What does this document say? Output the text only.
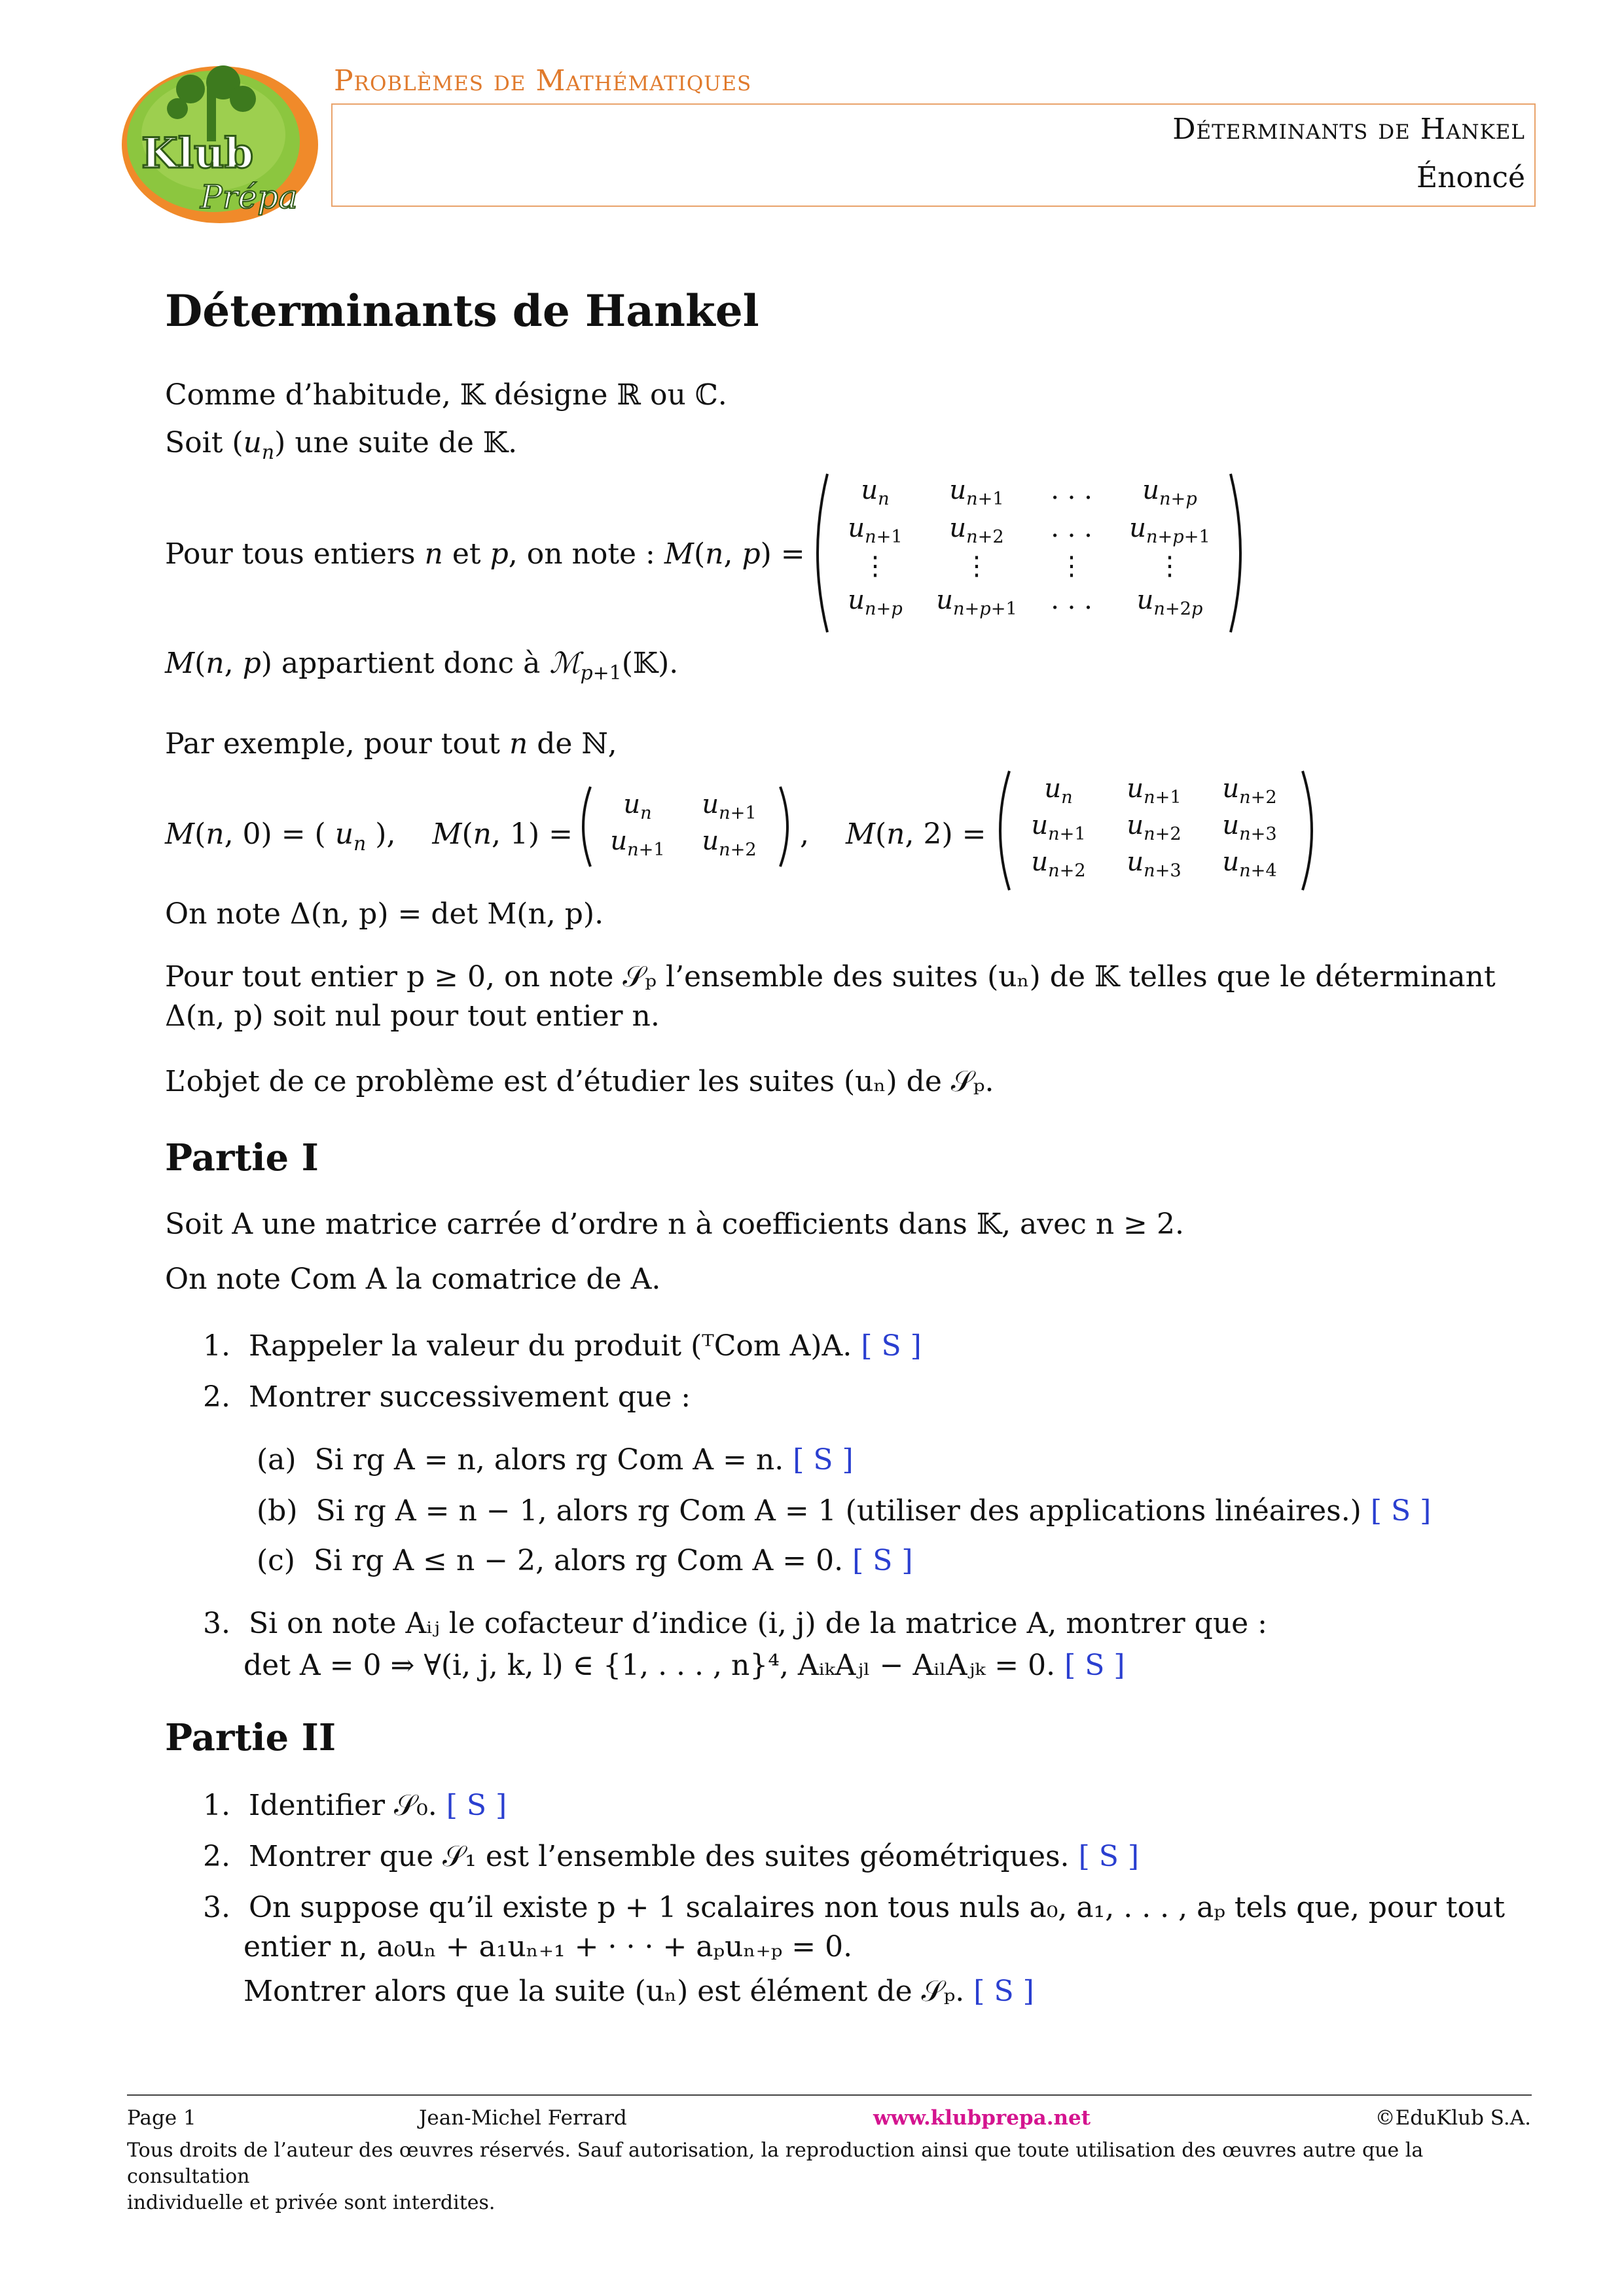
Klub
Prépa
Problèmes de Mathématiques
Déterminants de Hankel
Énoncé
Déterminants de Hankel
Comme d’habitude, 𝕂 désigne ℝ ou ℂ.
Soit $(u_n)$ une suite de 𝕂.
Pour tous entiers n et p, on note : M(n, p) =
$u_n$	$u_{n+1}$	. . .	$u_{n+p}$
$u_{n+1}$	$u_{n+2}$	. . .	$u_{n+p+1}$
⋮	⋮	⋮	⋮
$u_{n+p}$	$u_{n+p+1}$	. . .	$u_{n+2p}$
M(n, p) appartient donc à ℳ$_{p+1}$(𝕂).
Par exemple, pour tout n de ℕ,
M(n, 0) = ( $u_n$ ),    M(n, 1) =
$u_n$	$u_{n+1}$
$u_{n+1}$	$u_{n+2}$	,    M(n, 2) =
$u_n$	$u_{n+1}$	$u_{n+2}$
$u_{n+1}$	$u_{n+2}$	$u_{n+3}$
$u_{n+2}$	$u_{n+3}$	$u_{n+4}$
On note Δ(n, p) = det M(n, p).
Pour tout entier p ≥ 0, on note 𝒮ₚ l’ensemble des suites (uₙ) de 𝕂 telles que le déterminant
Δ(n, p) soit nul pour tout entier n.
L’objet de ce problème est d’étudier les suites (uₙ) de 𝒮ₚ.
Partie I
Soit A une matrice carrée d’ordre n à coefficients dans 𝕂, avec n ≥ 2.
On note Com A la comatrice de A.
1.  Rappeler la valeur du produit (ᵀCom A)A. [ S ]
2.  Montrer successivement que :
(a)  Si rg A = n, alors rg Com A = n. [ S ]
(b)  Si rg A = n − 1, alors rg Com A = 1 (utiliser des applications linéaires.) [ S ]
(c)  Si rg A ≤ n − 2, alors rg Com A = 0. [ S ]
3.  Si on note Aᵢⱼ le cofacteur d’indice (i, j) de la matrice A, montrer que :
det A = 0 ⇒ ∀(i, j, k, l) ∈ {1, . . . , n}⁴, AᵢₖAⱼₗ − AᵢₗAⱼₖ = 0. [ S ]
Partie II
1.  Identifier 𝒮₀. [ S ]
2.  Montrer que 𝒮₁ est l’ensemble des suites géométriques. [ S ]
3.  On suppose qu’il existe p + 1 scalaires non tous nuls a₀, a₁, . . . , aₚ tels que, pour tout
entier n, a₀uₙ + a₁uₙ₊₁ + · · · + aₚuₙ₊ₚ = 0.
Montrer alors que la suite (uₙ) est élément de 𝒮ₚ. [ S ]
Page 1	Jean-Michel Ferrard	www.klubprepa.net	©EduKlub S.A.
Tous droits de l’auteur des œuvres réservés. Sauf autorisation, la reproduction ainsi que toute utilisation des œuvres autre que la consultation
individuelle et privée sont interdites.
